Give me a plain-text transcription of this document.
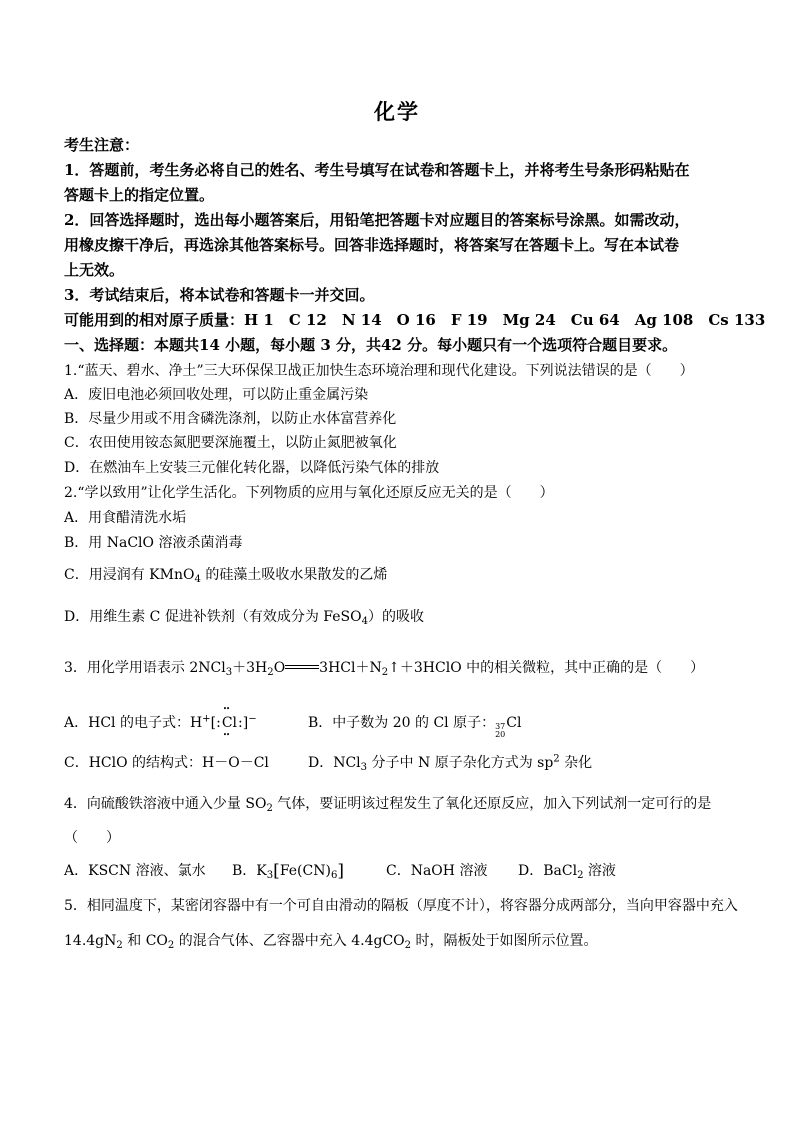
化学
考生注意：
1．答题前，考生务必将自己的姓名、考生号填写在试卷和答题卡上，并将考生号条形码粘贴在
答题卡上的指定位置。
2．回答选择题时，选出每小题答案后，用铅笔把答题卡对应题目的答案标号涂黑。如需改动，
用橡皮擦干净后，再选涂其他答案标号。回答非选择题时，将答案写在答题卡上。写在本试卷
上无效。
3．考试结束后，将本试卷和答题卡一并交回。
可能用到的相对原子质量：H 1　C 12　N 14　O 16　F 19　Mg 24　Cu 64　Ag 108　Cs 133
一、选择题：本题共14 小题，每小题 3 分，共42 分。每小题只有一个选项符合题目要求。
1.“蓝天、碧水、净土”三大环保保卫战正加快生态环境治理和现代化建设。下列说法错误的是（　　）
A．废旧电池必须回收处理，可以防止重金属污染
B．尽量少用或不用含磷洗涤剂，以防止水体富营养化
C．农田使用铵态氮肥要深施覆土，以防止氮肥被氧化
D．在燃油车上安装三元催化转化器，以降低污染气体的排放
2.“学以致用”让化学生活化。下列物质的应用与氧化还原反应无关的是（　　）
A．用食醋清洗水垢
B．用 NaClO 溶液杀菌消毒
C．用浸润有 KMnO$_4$ 的硅藻土吸收水果散发的乙烯
D．用维生素 C 促进补铁剂（有效成分为 FeSO$_4$）的吸收
3．用化学用语表示 $2NCl_3+3H_2O$ $3HCl+N_2↑+3HClO$ 中的相关微粒，其中正确的是（　　）
A．HCl 的电子式：H+[:
••
Cl
••
:]−	B．中子数为 20 的 Cl 原子： 37
20
Cl
C．HClO 的结构式：H－O－Cl	D．NCl$_3$ 分子中 N 原子杂化方式为 $sp^2$ 杂化
4．向硫酸铁溶液中通入少量 $SO_2$ 气体，要证明该过程发生了氧化还原反应，加入下列试剂一定可行的是
（　　）
A．KSCN 溶液、氯水 B．$K_3[Fe(CN)_6]$	C．NaOH 溶液 D．BaCl$_2$ 溶液
5．相同温度下，某密闭容器中有一个可自由滑动的隔板（厚度不计），将容器分成两部分，当向甲容器中充入
$14.4gN_2$ 和 $CO_2$ 的混合气体、乙容器中充入 4.4gCO$_2$ 时，隔板处于如图所示位置。
